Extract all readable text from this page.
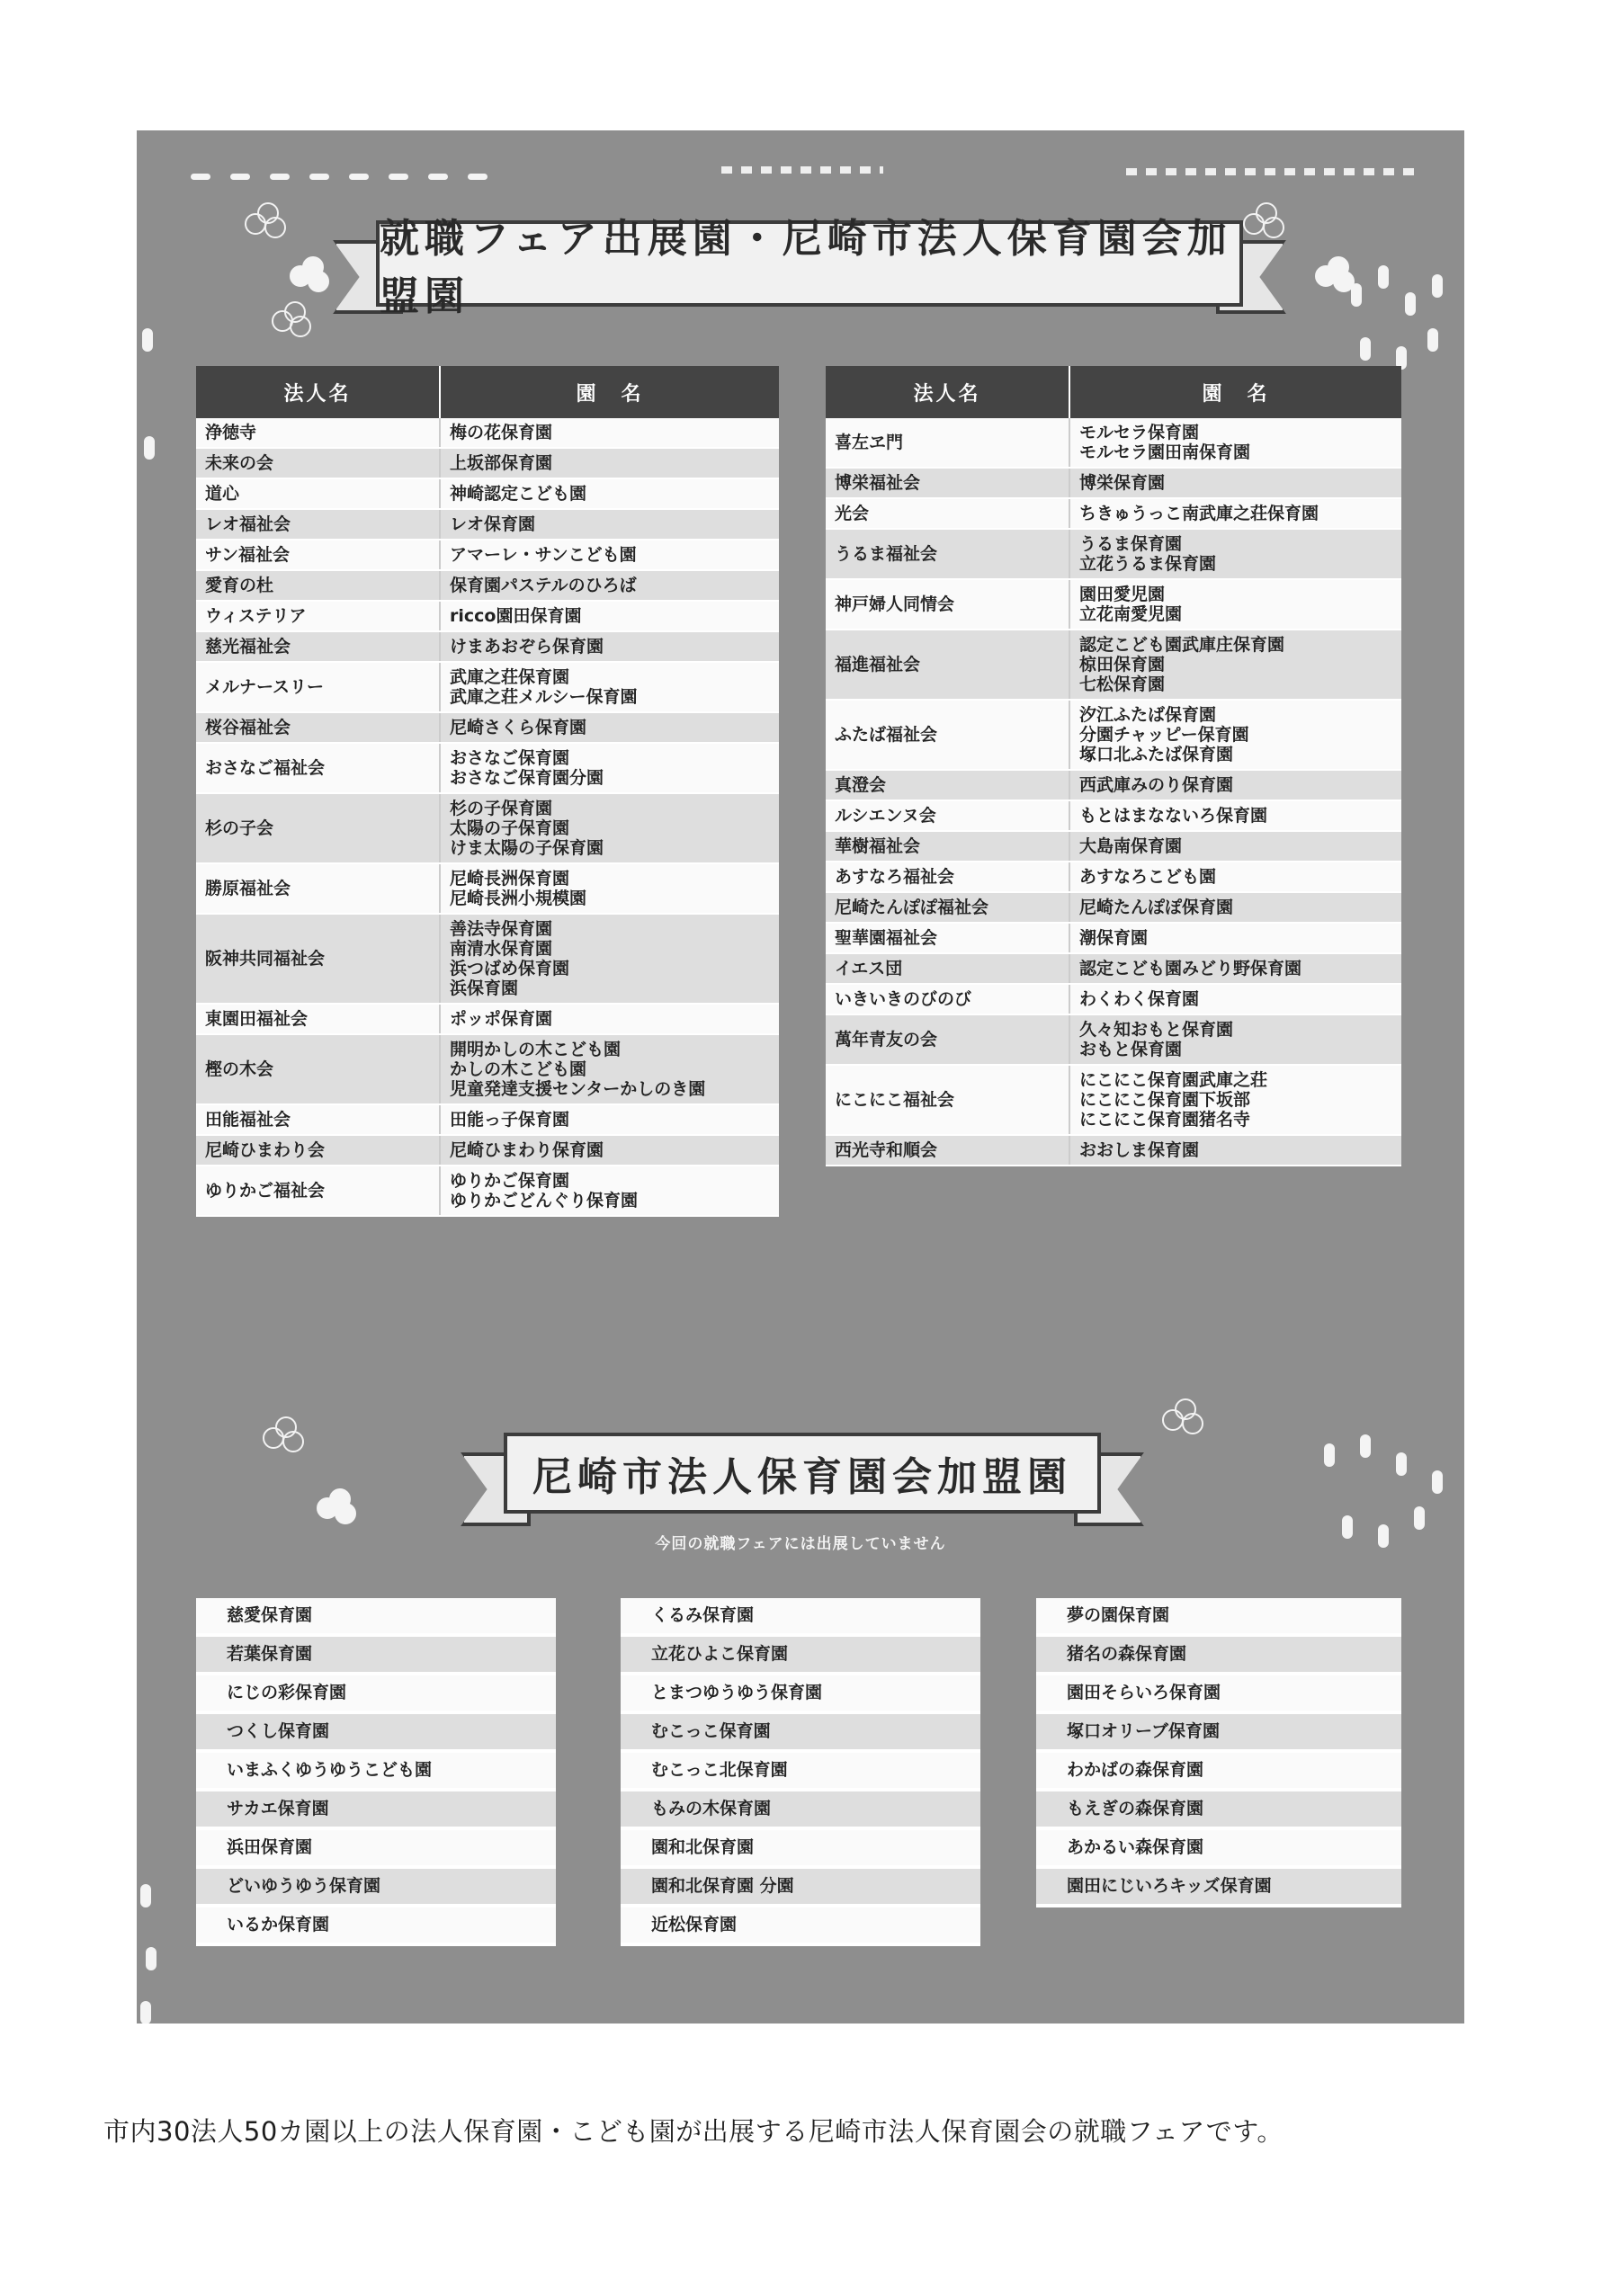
就職フェア出展園・尼崎市法人保育園会加盟園
法人名	園　名
浄徳寺	梅の花保育園
未来の会	上坂部保育園
道心	神崎認定こども園
レオ福祉会	レオ保育園
サン福祉会	アマーレ・サンこども園
愛育の杜	保育園パステルのひろば
ウィステリア	ricco園田保育園
慈光福祉会	けまあおぞら保育園
メルナースリー	武庫之荘保育園
武庫之荘メルシー保育園
桜谷福祉会	尼崎さくら保育園
おさなご福祉会	おさなご保育園
おさなご保育園分園
杉の子会	杉の子保育園
太陽の子保育園
けま太陽の子保育園
勝原福祉会	尼崎長洲保育園
尼崎長洲小規模園
阪神共同福祉会	善法寺保育園
南清水保育園
浜つばめ保育園
浜保育園
東園田福祉会	ポッポ保育園
樫の木会	開明かしの木こども園
かしの木こども園
児童発達支援センターかしのき園
田能福祉会	田能っ子保育園
尼崎ひまわり会	尼崎ひまわり保育園
ゆりかご福祉会	ゆりかご保育園
ゆりかごどんぐり保育園
法人名	園　名
喜左ヱ門	モルセラ保育園
モルセラ園田南保育園
博栄福祉会	博栄保育園
光会	ちきゅうっこ南武庫之荘保育園
うるま福祉会	うるま保育園
立花うるま保育園
神戸婦人同情会	園田愛児園
立花南愛児園
福進福祉会	認定こども園武庫庄保育園
椋田保育園
七松保育園
ふたば福祉会	汐江ふたば保育園
分園チャッピー保育園
塚口北ふたば保育園
真澄会	西武庫みのり保育園
ルシエンヌ会	もとはまなないろ保育園
華樹福祉会	大島南保育園
あすなろ福祉会	あすなろこども園
尼崎たんぽぽ福祉会	尼崎たんぽぽ保育園
聖華園福祉会	潮保育園
イエス団	認定こども園みどり野保育園
いきいきのびのび	わくわく保育園
萬年青友の会	久々知おもと保育園
おもと保育園
にこにこ福祉会	にこにこ保育園武庫之荘
にこにこ保育園下坂部
にこにこ保育園猪名寺
西光寺和順会	おおしま保育園
尼崎市法人保育園会加盟園
今回の就職フェアには出展していません
慈愛保育園
若葉保育園
にじの彩保育園
つくし保育園
いまふくゆうゆうこども園
サカエ保育園
浜田保育園
どいゆうゆう保育園
いるか保育園
くるみ保育園
立花ひよこ保育園
とまつゆうゆう保育園
むこっこ保育園
むこっこ北保育園
もみの木保育園
園和北保育園
園和北保育園 分園
近松保育園
夢の園保育園
猪名の森保育園
園田そらいろ保育園
塚口オリーブ保育園
わかばの森保育園
もえぎの森保育園
あかるい森保育園
園田にじいろキッズ保育園
市内30法人50カ園以上の法人保育園・こども園が出展する尼崎市法人保育園会の就職フェアです。
